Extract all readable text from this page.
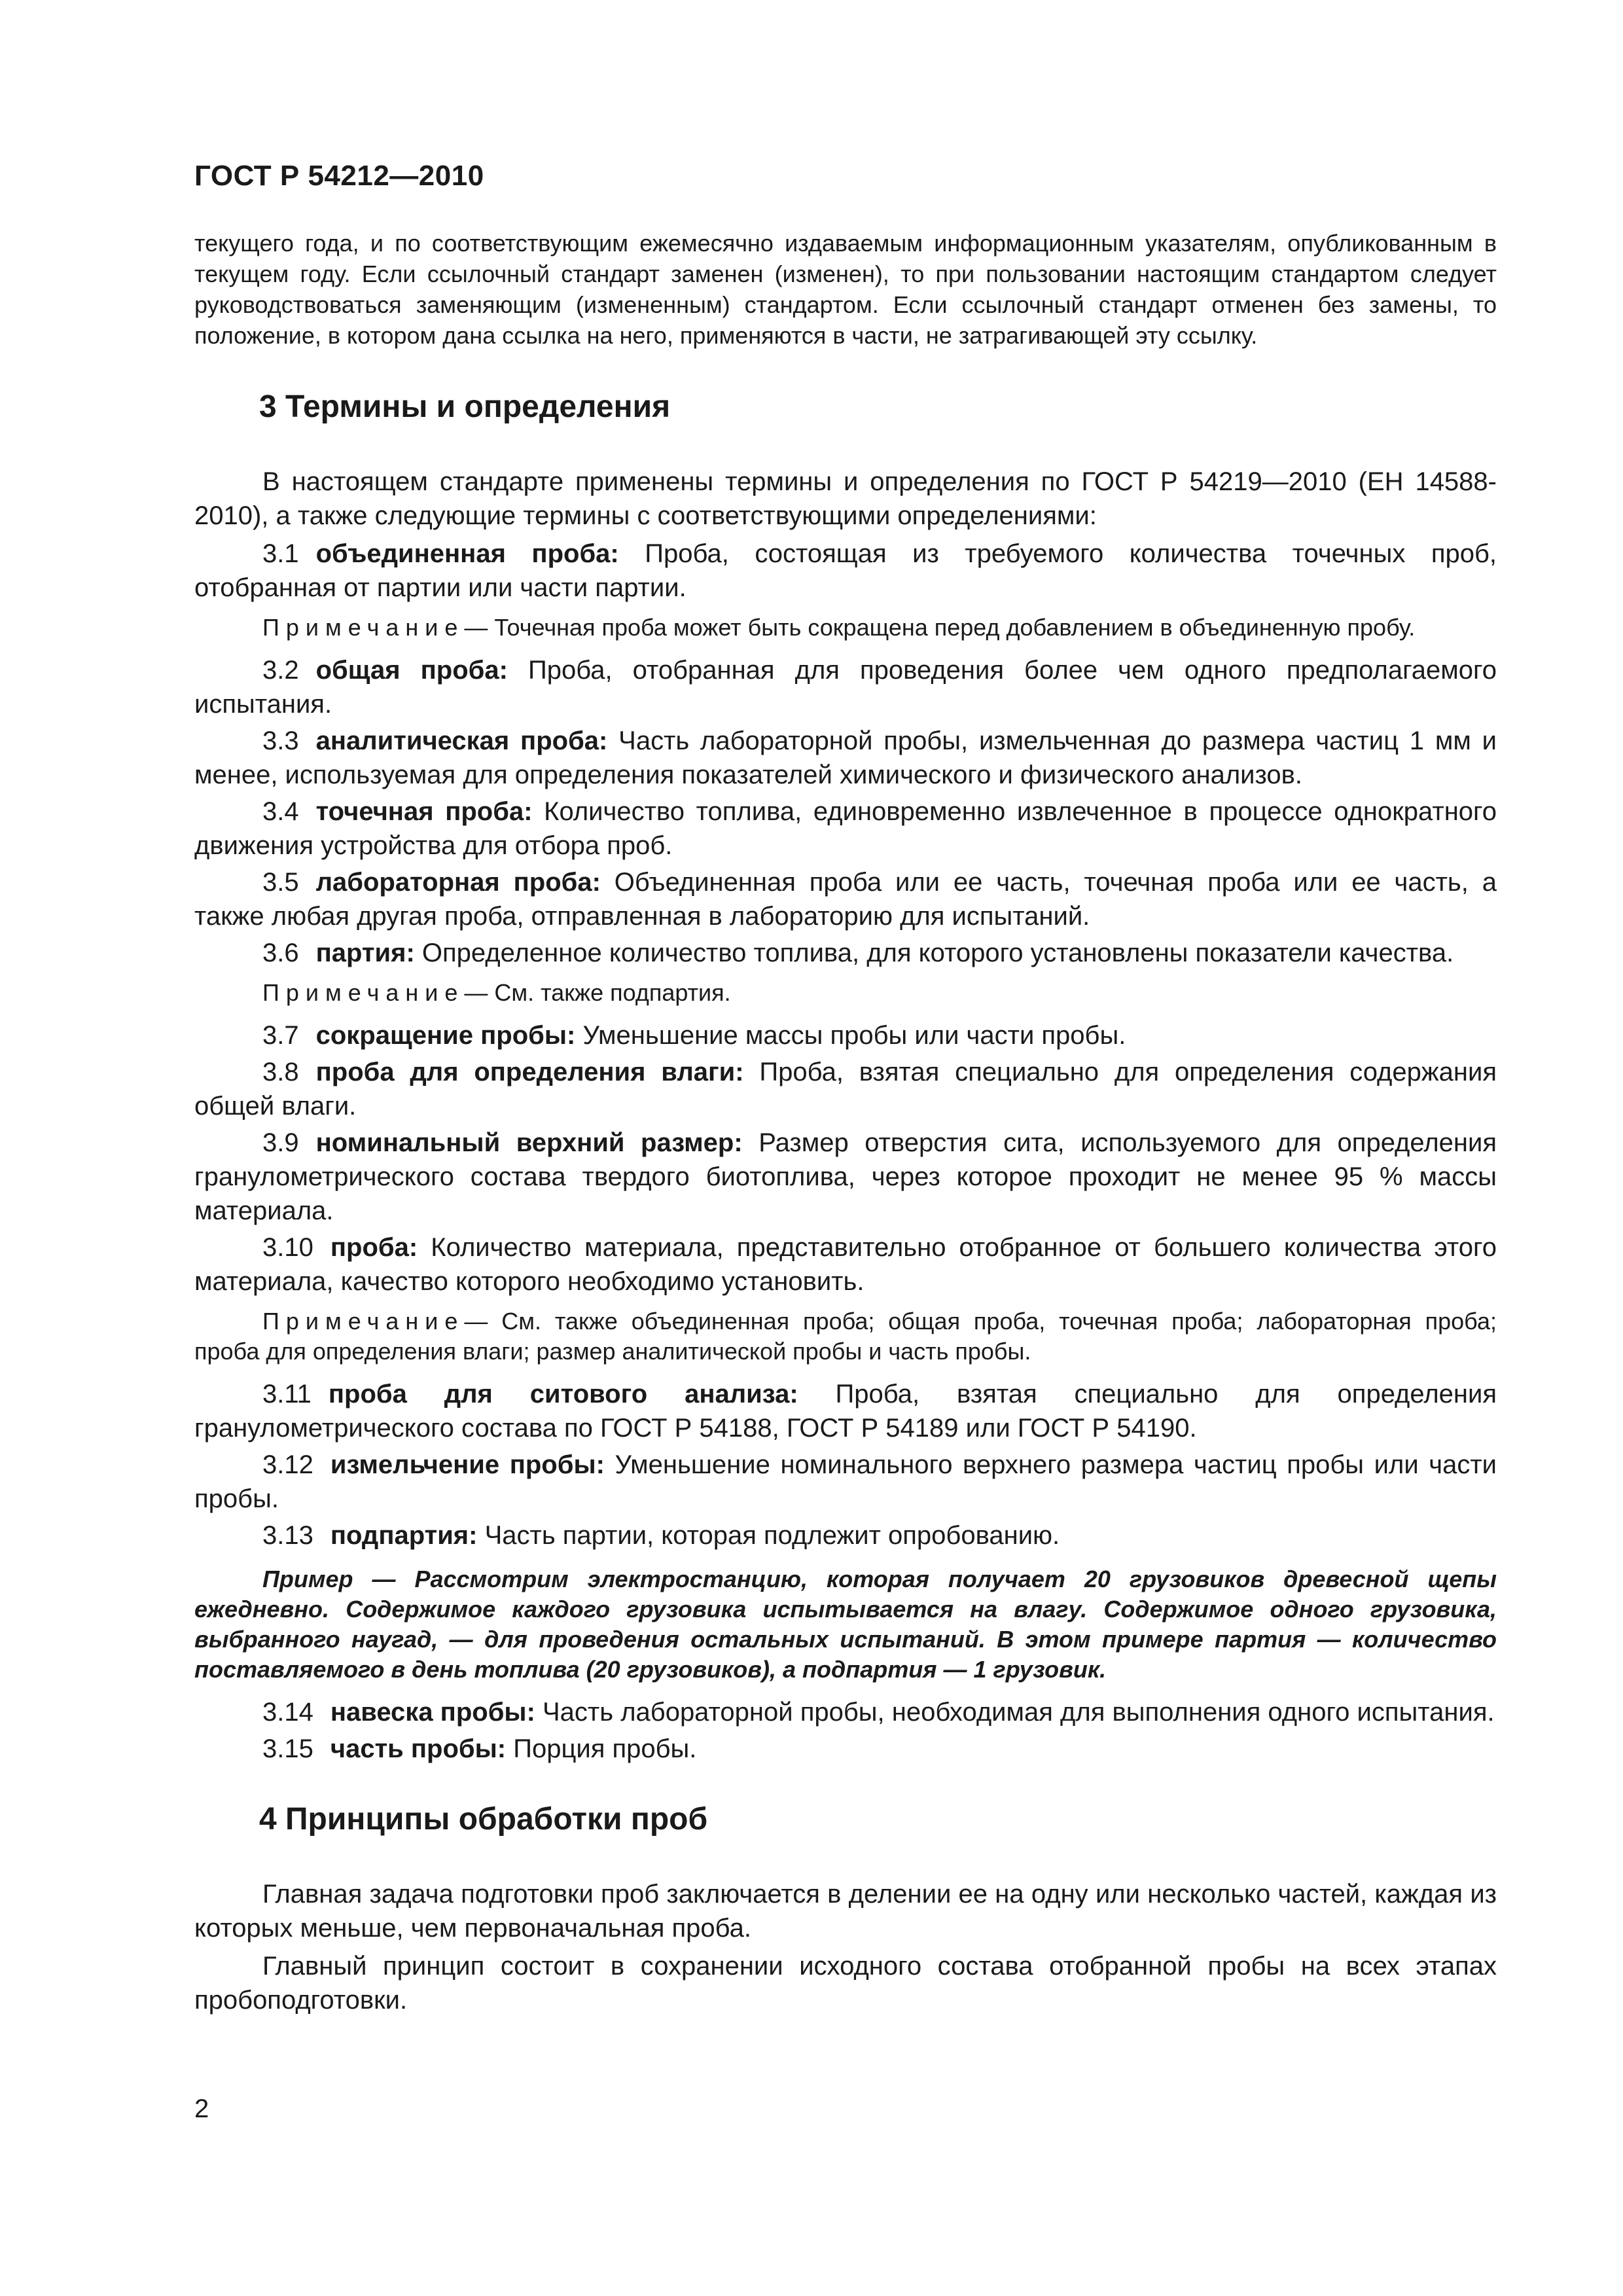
ГОСТ Р 54212—2010

текущего года, и по соответствующим ежемесячно издаваемым информационным указателям, опубликованным в текущем году. Если ссылочный стандарт заменен (изменен), то при пользовании настоящим стандартом следует руководствоваться заменяющим (измененным) стандартом. Если ссылочный стандарт отменен без замены, то положение, в котором дана ссылка на него, применяются в части, не затрагивающей эту ссылку.

3 Термины и определения

В настоящем стандарте применены термины и определения по ГОСТ Р 54219—2010 (ЕН 14588-2010), а также следующие термины с соответствующими определениями:

3.1 объединенная проба: Проба, состоящая из требуемого количества точечных проб, отобранная от партии или части партии.

Примечание— Точечная проба может быть сокращена перед добавлением в объединенную пробу.

3.2 общая проба: Проба, отобранная для проведения более чем одного предполагаемого испытания.

3.3 аналитическая проба: Часть лабораторной пробы, измельченная до размера частиц 1 мм и менее, используемая для определения показателей химического и физического анализов.

3.4 точечная проба: Количество топлива, единовременно извлеченное в процессе однократного движения устройства для отбора проб.

3.5 лабораторная проба: Объединенная проба или ее часть, точечная проба или ее часть, а также любая другая проба, отправленная в лабораторию для испытаний.

3.6 партия: Определенное количество топлива, для которого установлены показатели качества.

Примечание— См. также подпартия.

3.7 сокращение пробы: Уменьшение массы пробы или части пробы.

3.8 проба для определения влаги: Проба, взятая специально для определения содержания общей влаги.

3.9 номинальный верхний размер: Размер отверстия сита, используемого для определения гранулометрического состава твердого биотоплива, через которое проходит не менее 95 % массы материала.

3.10 проба: Количество материала, представительно отобранное от большего количества этого материала, качество которого необходимо установить.

Примечание— См. также объединенная проба; общая проба, точечная проба; лабораторная проба; проба для определения влаги; размер аналитической пробы и часть пробы.

3.11 проба для ситового анализа: Проба, взятая специально для определения гранулометрического состава по ГОСТ Р 54188, ГОСТ Р 54189 или ГОСТ Р 54190.

3.12 измельчение пробы: Уменьшение номинального верхнего размера частиц пробы или части пробы.

3.13 подпартия: Часть партии, которая подлежит опробованию.

Пример — Рассмотрим электростанцию, которая получает 20 грузовиков древесной щепы ежедневно. Содержимое каждого грузовика испытывается на влагу. Содержимое одного грузовика, выбранного наугад, — для проведения остальных испытаний. В этом примере партия — количество поставляемого в день топлива (20 грузовиков), а подпартия — 1 грузовик.

3.14 навеска пробы: Часть лабораторной пробы, необходимая для выполнения одного испытания.

3.15 часть пробы: Порция пробы.

4 Принципы обработки проб

Главная задача подготовки проб заключается в делении ее на одну или несколько частей, каждая из которых меньше, чем первоначальная проба.

Главный принцип состоит в сохранении исходного состава отобранной пробы на всех этапах пробоподготовки.

2
